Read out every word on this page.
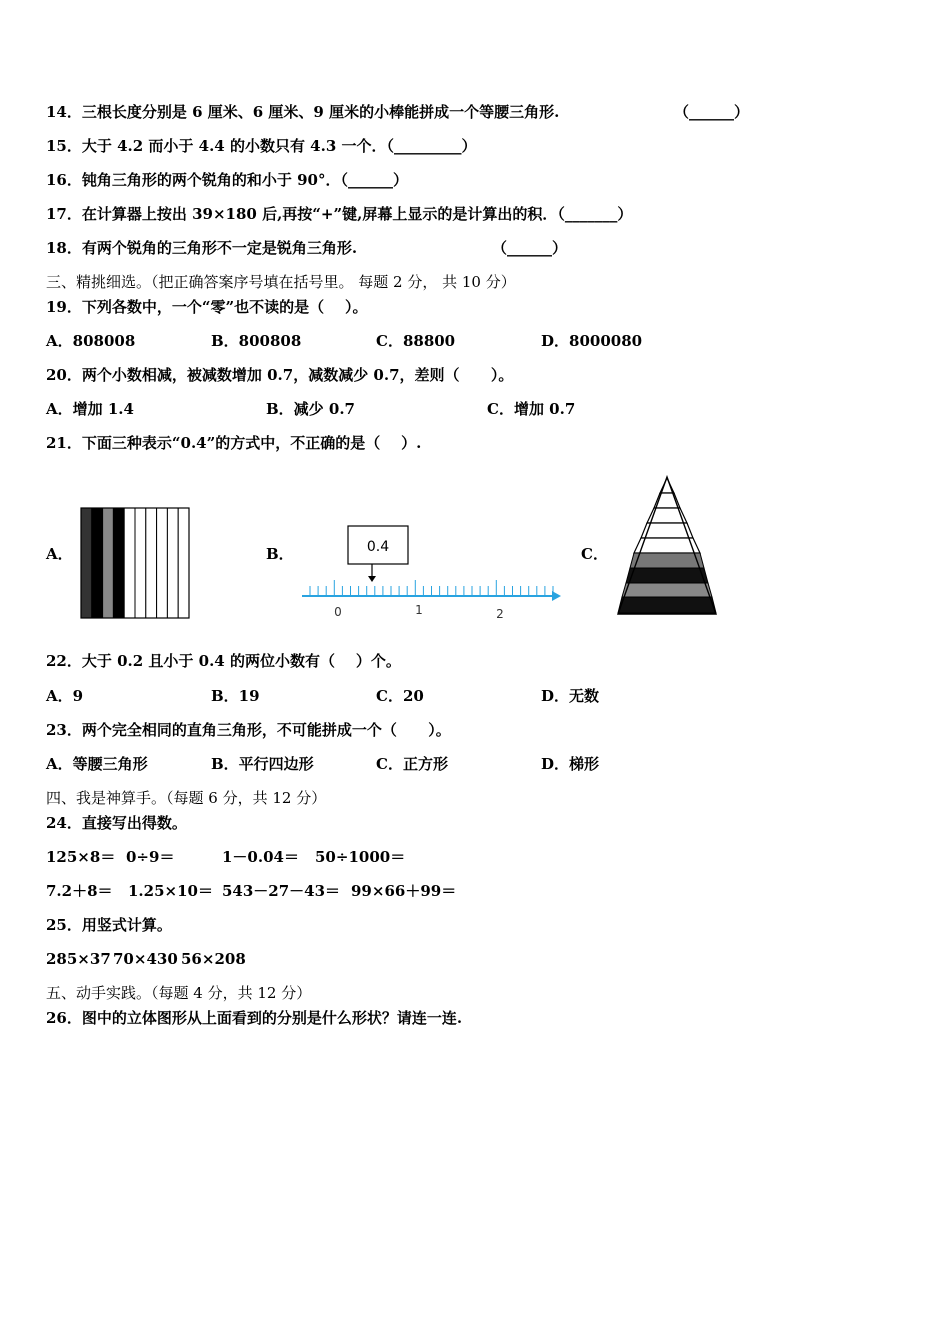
14．三根长度分别是 6 厘米、6 厘米、9 厘米的小棒能拼成一个等腰三角形.	（______）
15．大于 4.2 而小于 4.4 的小数只有 4.3 一个．（_________）
16．钝角三角形的两个锐角的和小于 90°．（______）
17．在计算器上按出 39×180 后,再按“+”键,屏幕上显示的是计算出的积．（_______）
18．有两个锐角的三角形不一定是锐角三角形.	（______）
三、精挑细选。（把正确答案序号填在括号里。 每题 2 分， 共 10 分）
19．下列各数中，一个“零”也不读的是（    ）。
A．808008	B．800808	C．88800	D．8000080
20．两个小数相减，被减数增加 0.7，减数减少 0.7，差则（      ）。
A．增加 1.4	B．减少 0.7	C．增加 0.7
21．下面三种表示“0.4”的方式中，不正确的是（    ）.
A．	B．	0.4
0	1	2
C．
22．大于 0.2 且小于 0.4 的两位小数有（    ）个。
A．9	B．19	C．20	D．无数
23．两个完全相同的直角三角形，不可能拼成一个（      ）。
A．等腰三角形	B．平行四边形	C．正方形	D．梯形
四、我是神算手。（每题 6 分，共 12 分）
24．直接写出得数。
125×8＝ 0÷9＝	1－0.04＝ 50÷1000＝
7.2＋8＝ 1.25×10＝ 543－27－43＝ 99×66＋99＝
25．用竖式计算。
285×37 70×430 56×208
五、动手实践。（每题 4 分，共 12 分）
26．图中的立体图形从上面看到的分别是什么形状？请连一连.
